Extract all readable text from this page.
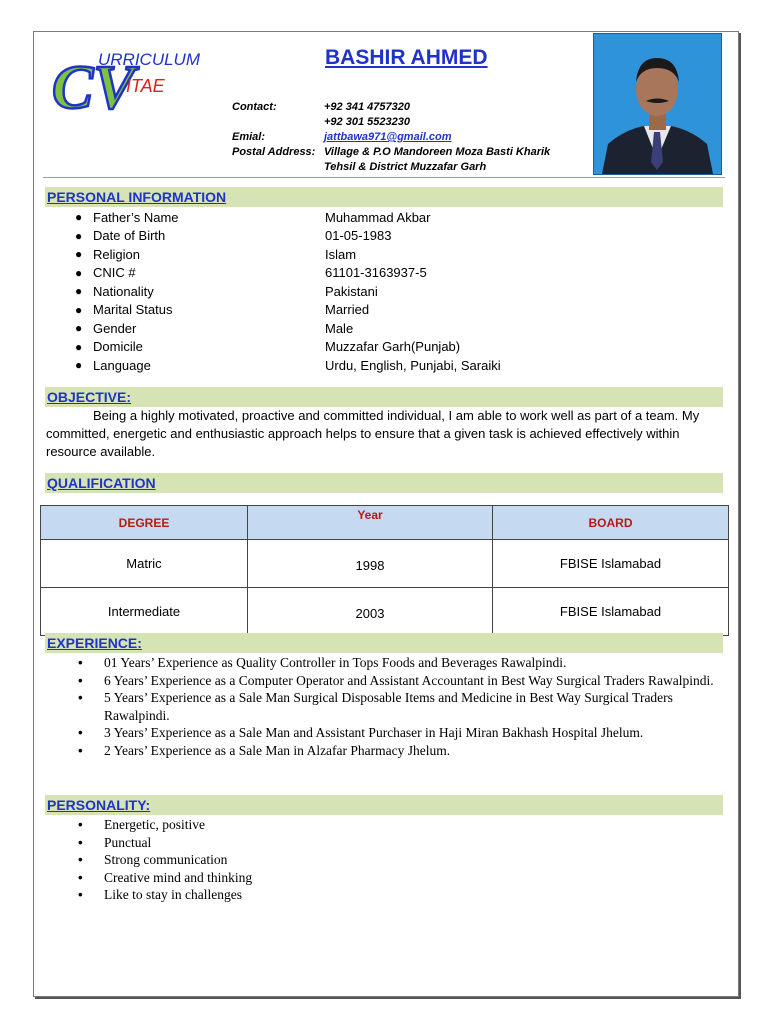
CV
URRICULUM
ITAE
BASHIR AHMED
Contact:	+92 341 4757320
+92 301 5523230
Emial:	jattbawa971@gmail.com
Postal Address: Village & P.O Mandoreen Moza Basti Kharik
Tehsil & District Muzzafar Garh
PERSONAL INFORMATION
● Father’s Name	Muhammad Akbar
● Date of Birth	01-05-1983
● Religion	Islam
● CNIC #	61101-3163937-5
● Nationality	Pakistani
● Marital Status	Married
● Gender	Male
● Domicile	Muzzafar Garh(Punjab)
● Language	Urdu, English, Punjabi, Saraiki
OBJECTIVE:
Being a highly motivated, proactive and committed individual, I am able to work well as part of a team. My committed, energetic and enthusiastic approach helps to ensure that a given task is achieved effectively within resource available.
QUALIFICATION
DEGREE	Year	BOARD
Matric	1998	FBISE Islamabad
Intermediate	2003	FBISE Islamabad
EXPERIENCE:
• 01 Years’ Experience as Quality Controller in Tops Foods and Beverages Rawalpindi.
• 6 Years’ Experience as a Computer Operator and Assistant Accountant in Best Way Surgical Traders Rawalpindi.
• 5 Years’ Experience as a Sale Man Surgical Disposable Items and Medicine in Best Way Surgical Traders Rawalpindi.
• 3 Years’ Experience as a Sale Man and Assistant Purchaser in Haji Miran Bakhash Hospital Jhelum.
• 2 Years’ Experience as a Sale Man in Alzafar Pharmacy Jhelum.
PERSONALITY:
• Energetic, positive
• Punctual
• Strong communication
• Creative mind and thinking
• Like to stay in challenges
